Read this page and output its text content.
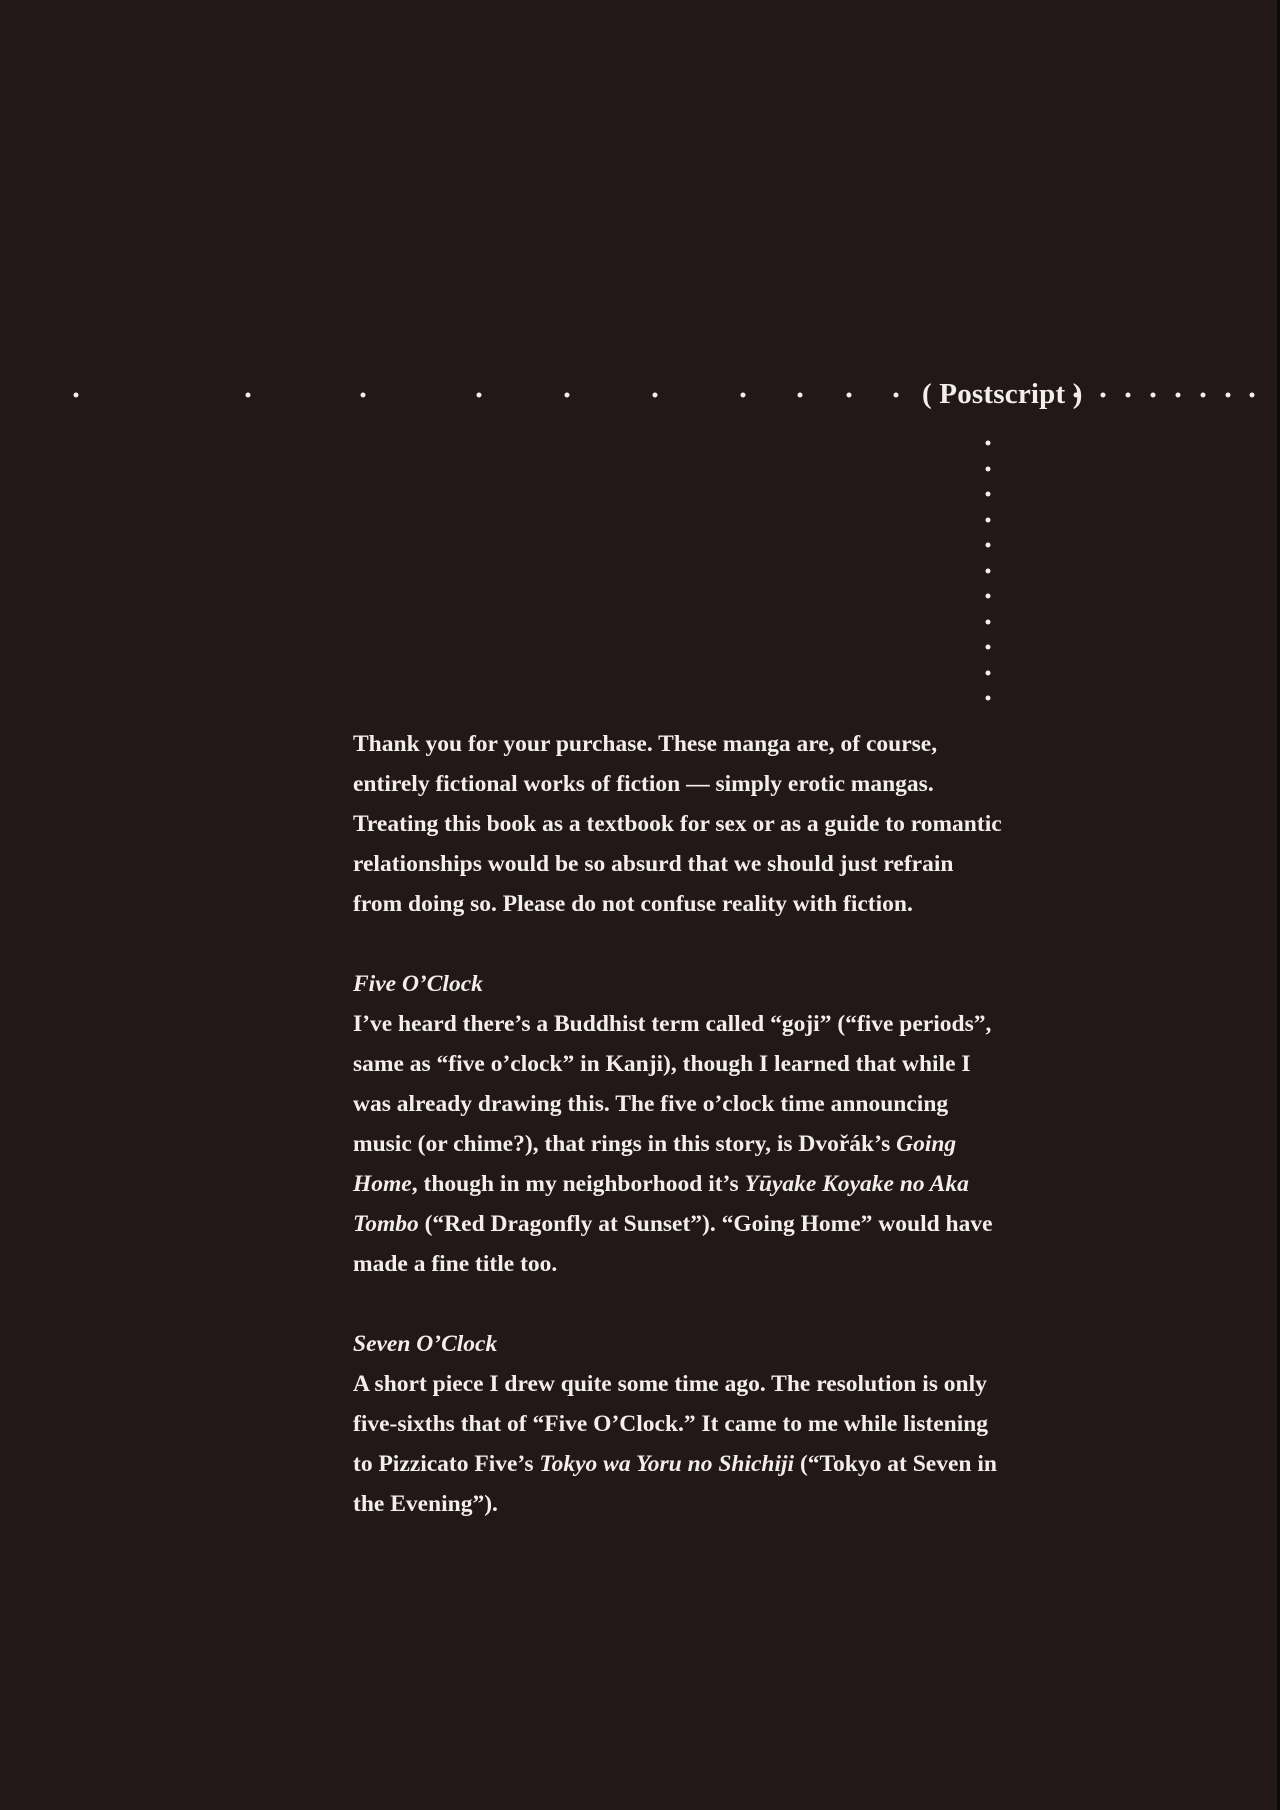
( Postscript )

Thank you for your purchase. These manga are, of course, entirely fictional works of fiction — simply erotic mangas. Treating this book as a textbook for sex or as a guide to romantic relationships would be so absurd that we should just refrain from doing so. Please do not confuse reality with fiction.

Five O’Clock

I’ve heard there’s a Buddhist term called “goji” (“five periods”, same as “five o’clock” in Kanji), though I learned that while I was already drawing this. The five o’clock time announcing music (or chime?), that rings in this story, is Dvořák’s Going Home, though in my neighborhood it’s Yūyake Koyake no Aka Tombo (“Red Dragonfly at Sunset”). “Going Home” would have made a fine title too.

Seven O’Clock

A short piece I drew quite some time ago. The resolution is only five-sixths that of “Five O’Clock.” It came to me while listening to Pizzicato Five’s Tokyo wa Yoru no Shichiji (“Tokyo at Seven in the Evening”).
